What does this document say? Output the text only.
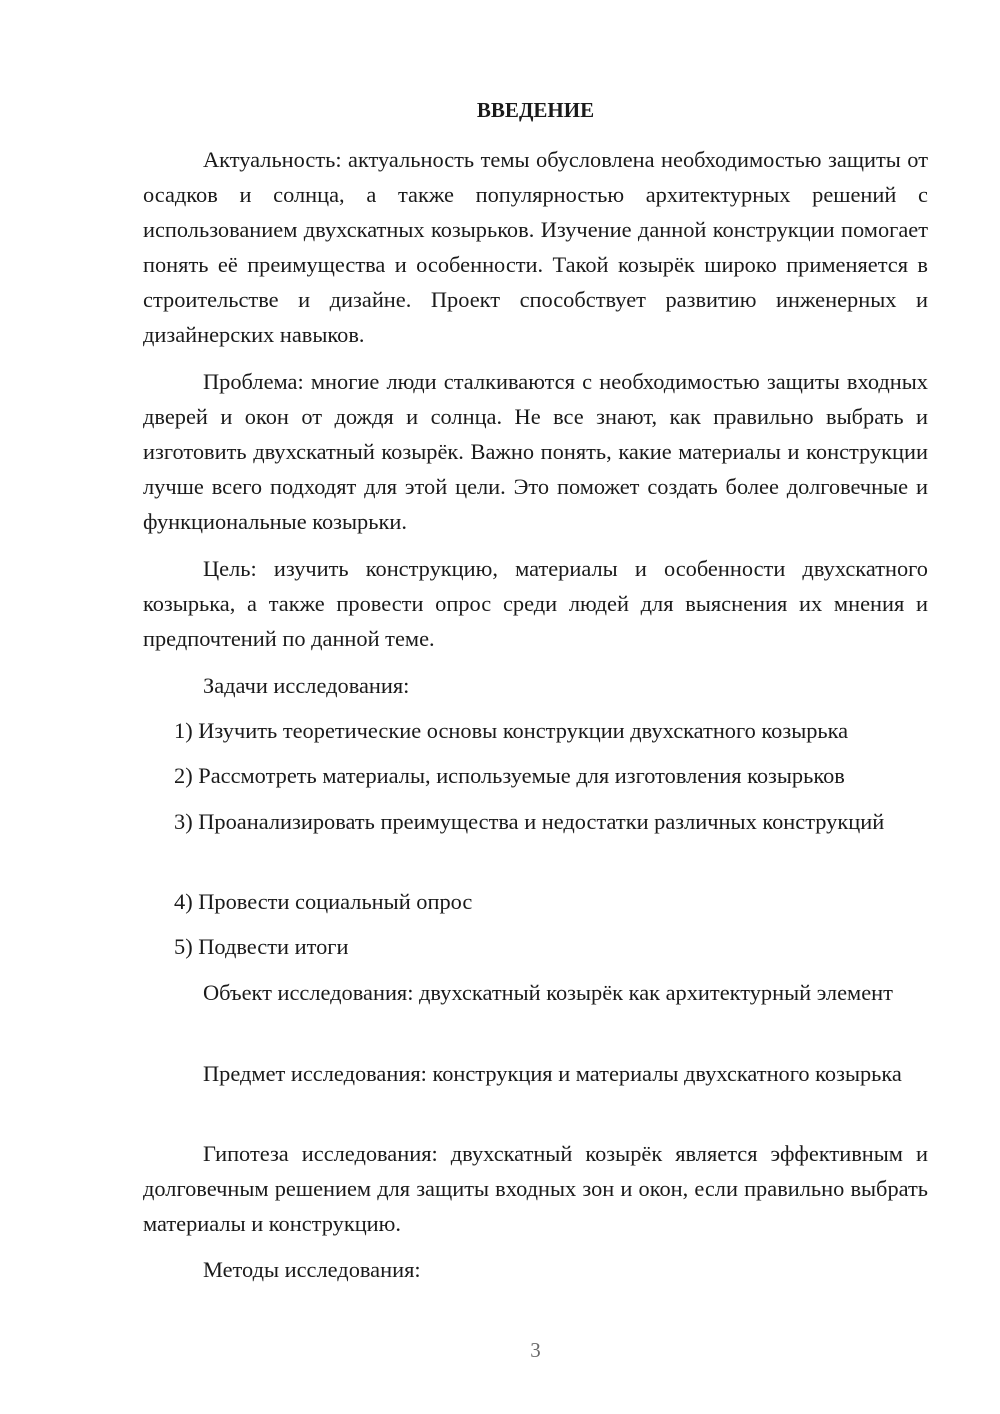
ВВЕДЕНИЕ

Актуальность: актуальность темы обусловлена необходимостью защиты от осадков и солнца, а также популярностью архитектурных решений с использованием двухскатных козырьков. Изучение данной конструкции помогает понять её преимущества и особенности. Такой козырёк широко применяется в строительстве и дизайне. Проект способствует развитию инженерных и дизайнерских навыков.

Проблема: многие люди сталкиваются с необходимостью защиты входных дверей и окон от дождя и солнца. Не все знают, как правильно выбрать и изготовить двухскатный козырёк. Важно понять, какие материалы и конструкции лучше всего подходят для этой цели. Это поможет создать более долговечные и функциональные козырьки.

Цель: изучить конструкцию, материалы и особенности двухскатного козырька, а также провести опрос среди людей для выяснения их мнения и предпочтений по данной теме.

Задачи исследования:

1) Изучить теоретические основы конструкции двухскатного козырька

2) Рассмотреть материалы, используемые для изготовления козырьков

3) Проанализировать преимущества и недостатки различных конструкций

4) Провести социальный опрос

5) Подвести итоги

Объект исследования: двухскатный козырёк как архитектурный элемент

Предмет исследования: конструкция и материалы двухскатного козырька

Гипотеза исследования: двухскатный козырёк является эффективным и долговечным решением для защиты входных зон и окон, если правильно выбрать материалы и конструкцию.

Методы исследования:

3
